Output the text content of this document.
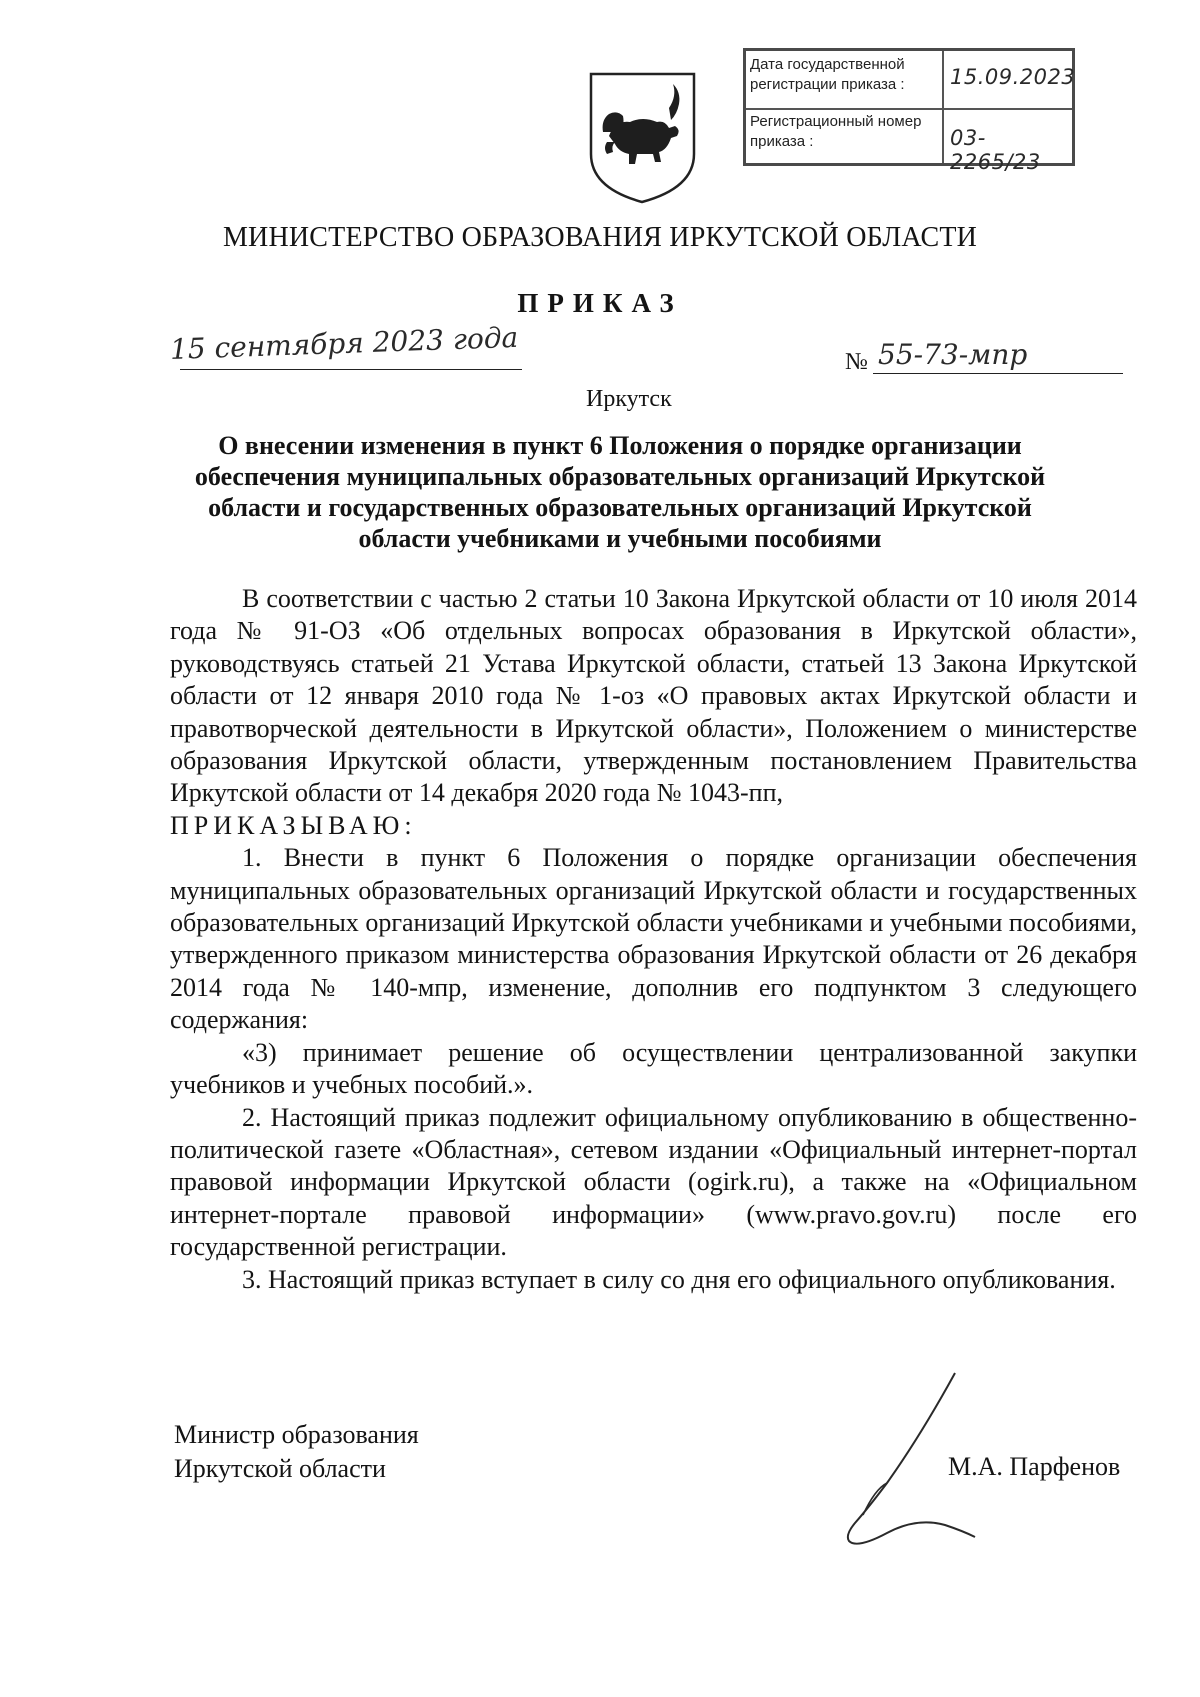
Дата государственной регистрации приказа :	15.09.2023
Регистрационный номер приказа :	03-2265/23
МИНИСТЕРСТВО ОБРАЗОВАНИЯ ИРКУТСКОЙ ОБЛАСТИ
ПРИКАЗ
15 сентября 2023 года	№ 55-73-мпр
Иркутск
О внесении изменения в пункт 6 Положения о порядке организации обеспечения муниципальных образовательных организаций Иркутской области и государственных образовательных организаций Иркутской области учебниками и учебными пособиями

В соответствии с частью 2 статьи 10 Закона Иркутской области от 10 июля 2014 года № 91-ОЗ «Об отдельных вопросах образования в Иркутской области», руководствуясь статьей 21 Устава Иркутской области, статьей 13 Закона Иркутской области от 12 января 2010 года № 1-оз «О правовых актах Иркутской области и правотворческой деятельности в Иркутской области», Положением о министерстве образования Иркутской области, утвержденным постановлением Правительства Иркутской области от 14 декабря 2020 года № 1043-пп,

ПРИКАЗЫВАЮ:

1. Внести в пункт 6 Положения о порядке организации обеспечения муниципальных образовательных организаций Иркутской области и государственных образовательных организаций Иркутской области учебниками и учебными пособиями, утвержденного приказом министерства образования Иркутской области от 26 декабря 2014 года № 140-мпр, изменение, дополнив его подпунктом 3 следующего содержания:

«3) принимает решение об осуществлении централизованной закупки учебников и учебных пособий.».

2. Настоящий приказ подлежит официальному опубликованию в общественно-политической газете «Областная», сетевом издании «Официальный интернет-портал правовой информации Иркутской области (ogirk.ru), а также на «Официальном интернет-портале правовой информации» (www.pravo.gov.ru) после его государственной регистрации.

3. Настоящий приказ вступает в силу со дня его официального опубликования.

Министр образования
Иркутской области	М.А. Парфенов
